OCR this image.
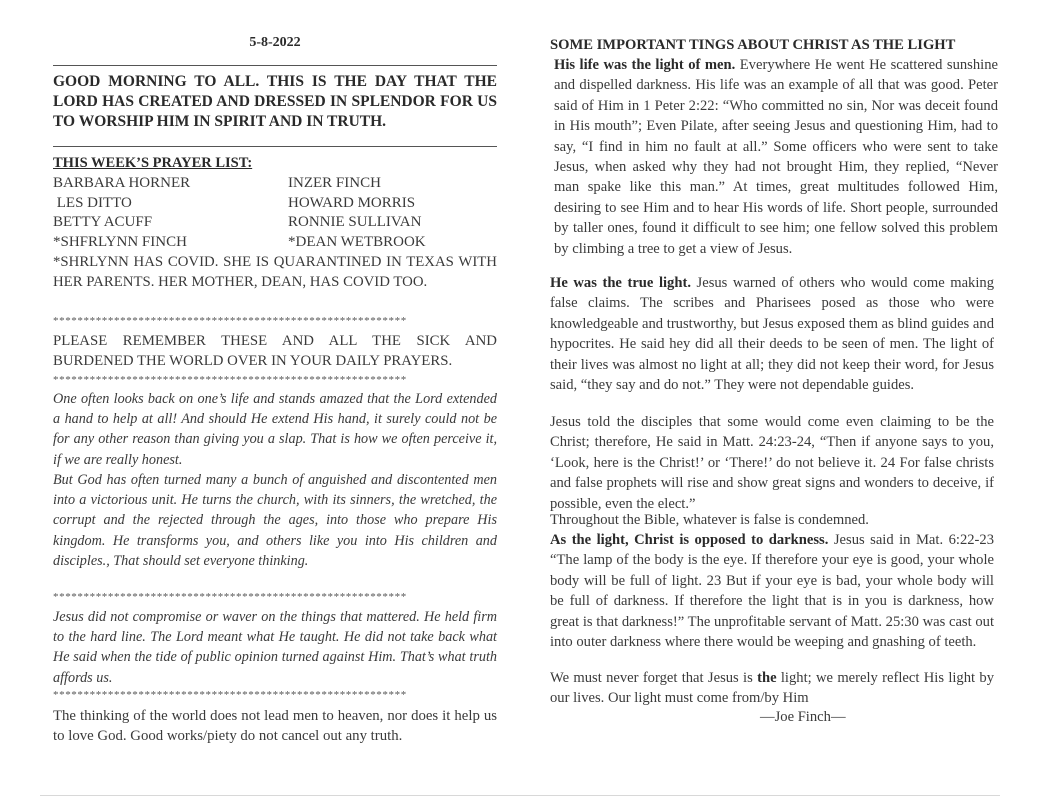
5-8-2022
GOOD MORNING TO ALL. THIS IS THE DAY THAT THE LORD HAS CREATED AND DRESSED IN SPLENDOR FOR US TO WORSHIP HIM IN SPIRIT AND IN TRUTH.
THIS WEEK’S PRAYER LIST:
BARBARA HORNER	INZER FINCH
LES DITTO	HOWARD MORRIS
BETTY ACUFF	RONNIE SULLIVAN
*SHFRLYNN FINCH	*DEAN WETBROOK
*SHRLYNN HAS COVID. SHE IS QUARANTINED IN TEXAS WITH HER PARENTS. HER MOTHER, DEAN, HAS COVID TOO.
**********************************************************
PLEASE REMEMBER THESE AND ALL THE SICK AND BURDENED THE WORLD OVER IN YOUR DAILY PRAYERS.
**********************************************************
One often looks back on one’s life and stands amazed that the Lord extended a hand to help at all! And should He extend His hand, it surely could not be for any other reason than giving you a slap. That is how we often perceive it, if we are really honest.
But God has often turned many a bunch of anguished and discontented men into a victorious unit. He turns the church, with its sinners, the wretched, the corrupt and the rejected through the ages, into those who prepare His kingdom. He transforms you, and others like you into His children and disciples., That should set everyone thinking.
**********************************************************
Jesus did not compromise or waver on the things that mattered. He held firm to the hard line. The Lord meant what He taught. He did not take back what He said when the tide of public opinion turned against Him. That’s what truth affords us.
**********************************************************
The thinking of the world does not lead men to heaven, nor does it help us to love God. Good works/piety do not cancel out any truth.
SOME IMPORTANT TINGS ABOUT CHRIST AS THE LIGHT
His life was the light of men. Everywhere He went He scattered sunshine and dispelled darkness. His life was an example of all that was good. Peter said of Him in 1 Peter 2:22: “Who committed no sin, Nor was deceit found in His mouth”; Even Pilate, after seeing Jesus and questioning Him, had to say, “I find in him no fault at all.” Some officers who were sent to take Jesus, when asked why they had not brought Him, they replied, “Never man spake like this man.” At times, great multitudes followed Him, desiring to see Him and to hear His words of life. Short people, surrounded by taller ones, found it difficult to see him; one fellow solved this problem by climbing a tree to get a view of Jesus.
He was the true light. Jesus warned of others who would come making false claims. The scribes and Pharisees posed as those who were knowledgeable and trustworthy, but Jesus exposed them as blind guides and hypocrites. He said hey did all their deeds to be seen of men. The light of their lives was almost no light at all; they did not keep their word, for Jesus said, “they say and do not.” They were not dependable guides.
Jesus told the disciples that some would come even claiming to be the Christ; therefore, He said in Matt. 24:23-24, “Then if anyone says to you, ‘Look, here is the Christ!’ or ‘There!’ do not believe it. 24 For false christs and false prophets will rise and show great signs and wonders to deceive, if possible, even the elect.”
Throughout the Bible, whatever is false is condemned.
As the light, Christ is opposed to darkness. Jesus said in Mat. 6:22-23 “The lamp of the body is the eye. If therefore your eye is good, your whole body will be full of light. 23 But if your eye is bad, your whole body will be full of darkness. If therefore the light that is in you is darkness, how great is that darkness!” The unprofitable servant of Matt. 25:30 was cast out into outer darkness where there would be weeping and gnashing of teeth.
We must never forget that Jesus is the light; we merely reflect His light by our lives. Our light must come from/by Him
—Joe Finch—
